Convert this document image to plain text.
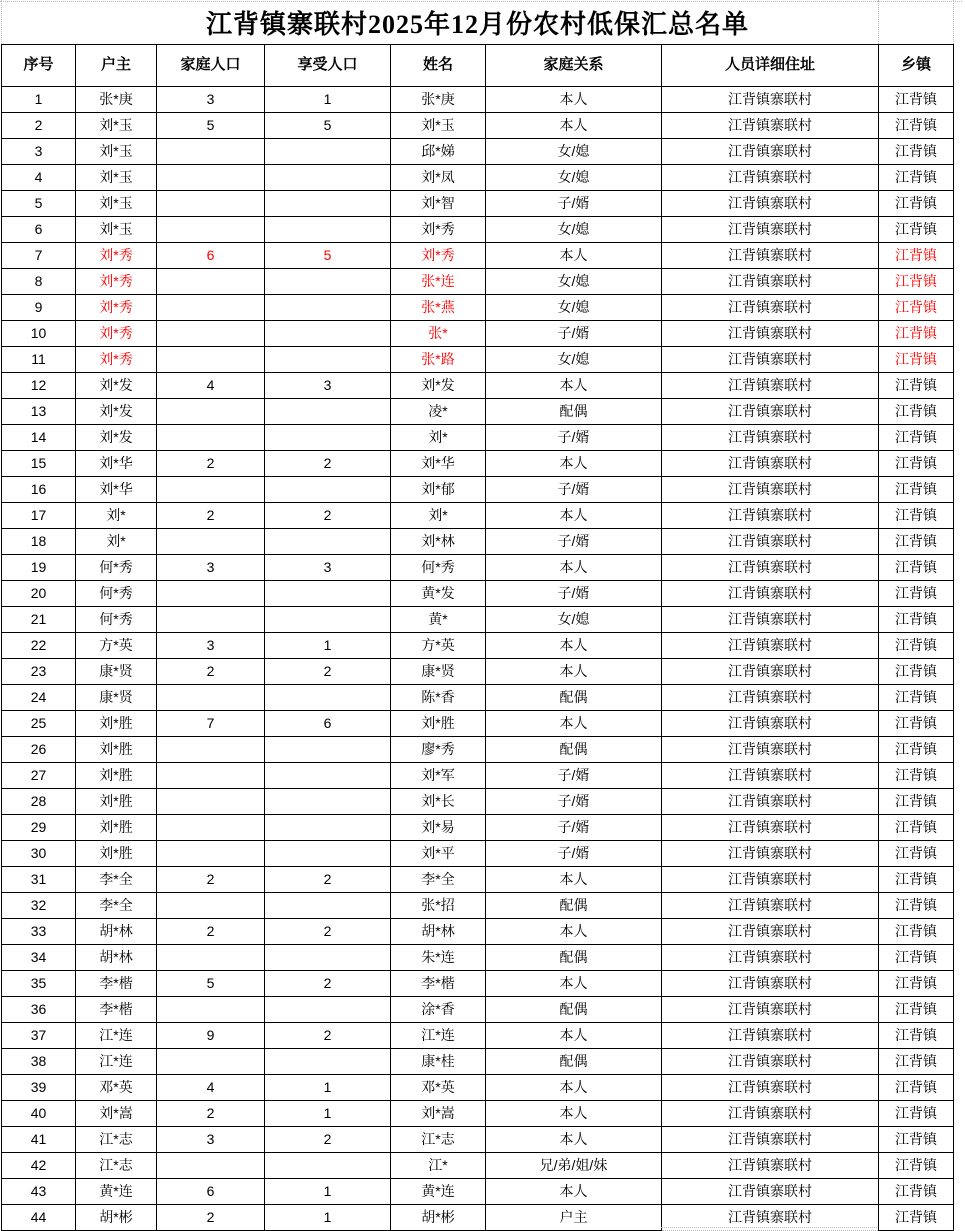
江背镇寨联村2025年12月份农村低保汇总名单
序号	户主	家庭人口	享受人口	姓名	家庭关系	人员详细住址	乡镇
1	张*庚	3	1	张*庚	本人	江背镇寨联村	江背镇
2	刘*玉	5	5	刘*玉	本人	江背镇寨联村	江背镇
3	刘*玉			邱*娣	女/媳	江背镇寨联村	江背镇
4	刘*玉			刘*凤	女/媳	江背镇寨联村	江背镇
5	刘*玉			刘*智	子/婿	江背镇寨联村	江背镇
6	刘*玉			刘*秀	女/媳	江背镇寨联村	江背镇
7	刘*秀	6	5	刘*秀	本人	江背镇寨联村	江背镇
8	刘*秀			张*连	女/媳	江背镇寨联村	江背镇
9	刘*秀			张*燕	女/媳	江背镇寨联村	江背镇
10	刘*秀			张*	子/婿	江背镇寨联村	江背镇
11	刘*秀			张*路	女/媳	江背镇寨联村	江背镇
12	刘*发	4	3	刘*发	本人	江背镇寨联村	江背镇
13	刘*发			凌*	配偶	江背镇寨联村	江背镇
14	刘*发			刘*	子/婿	江背镇寨联村	江背镇
15	刘*华	2	2	刘*华	本人	江背镇寨联村	江背镇
16	刘*华			刘*郁	子/婿	江背镇寨联村	江背镇
17	刘*	2	2	刘*	本人	江背镇寨联村	江背镇
18	刘*			刘*林	子/婿	江背镇寨联村	江背镇
19	何*秀	3	3	何*秀	本人	江背镇寨联村	江背镇
20	何*秀			黄*发	子/婿	江背镇寨联村	江背镇
21	何*秀			黄*	女/媳	江背镇寨联村	江背镇
22	方*英	3	1	方*英	本人	江背镇寨联村	江背镇
23	康*贤	2	2	康*贤	本人	江背镇寨联村	江背镇
24	康*贤			陈*香	配偶	江背镇寨联村	江背镇
25	刘*胜	7	6	刘*胜	本人	江背镇寨联村	江背镇
26	刘*胜			廖*秀	配偶	江背镇寨联村	江背镇
27	刘*胜			刘*军	子/婿	江背镇寨联村	江背镇
28	刘*胜			刘*长	子/婿	江背镇寨联村	江背镇
29	刘*胜			刘*易	子/婿	江背镇寨联村	江背镇
30	刘*胜			刘*平	子/婿	江背镇寨联村	江背镇
31	李*全	2	2	李*全	本人	江背镇寨联村	江背镇
32	李*全			张*招	配偶	江背镇寨联村	江背镇
33	胡*林	2	2	胡*林	本人	江背镇寨联村	江背镇
34	胡*林			朱*连	配偶	江背镇寨联村	江背镇
35	李*楷	5	2	李*楷	本人	江背镇寨联村	江背镇
36	李*楷			涂*香	配偶	江背镇寨联村	江背镇
37	江*连	9	2	江*连	本人	江背镇寨联村	江背镇
38	江*连			康*桂	配偶	江背镇寨联村	江背镇
39	邓*英	4	1	邓*英	本人	江背镇寨联村	江背镇
40	刘*嵩	2	1	刘*嵩	本人	江背镇寨联村	江背镇
41	江*志	3	2	江*志	本人	江背镇寨联村	江背镇
42	江*志			江*	兄/弟/姐/妹	江背镇寨联村	江背镇
43	黄*连	6	1	黄*连	本人	江背镇寨联村	江背镇
44	胡*彬	2	1	胡*彬	户主	江背镇寨联村	江背镇
